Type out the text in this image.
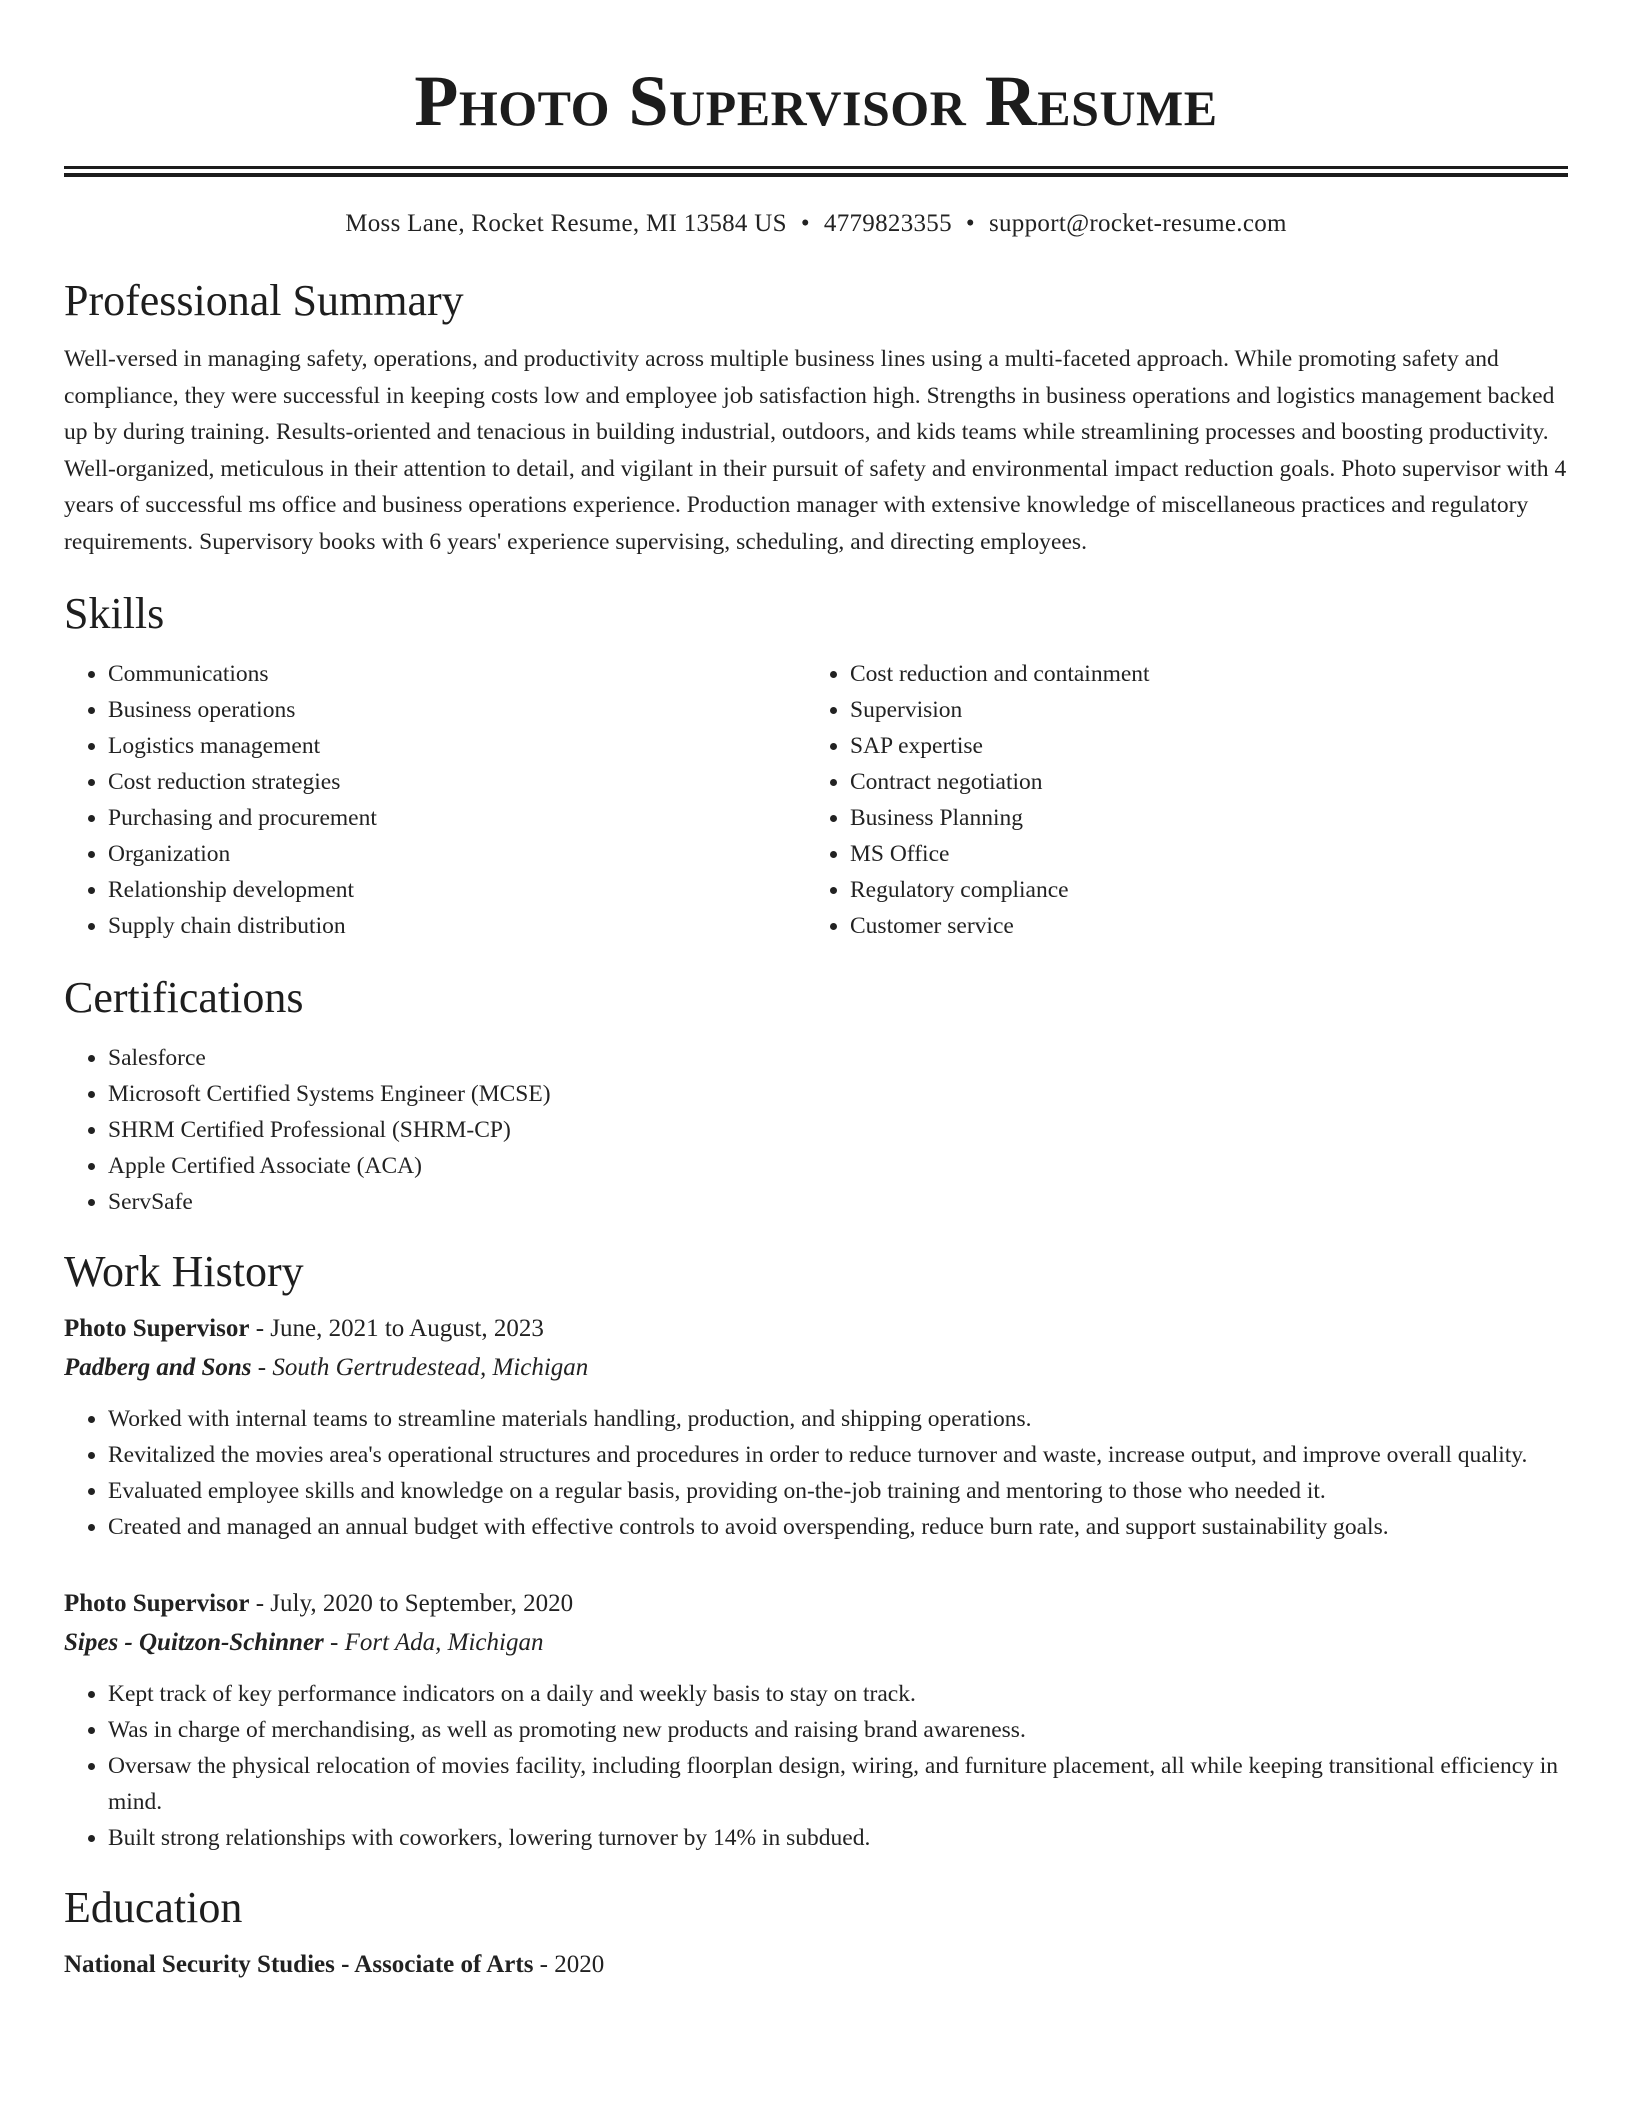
Photo Supervisor Resume
Moss Lane, Rocket Resume, MI 13584 US • 4779823355 • support@rocket-resume.com
Professional Summary

Well-versed in managing safety, operations, and productivity across multiple business lines using a multi-faceted approach. While promoting safety and compliance, they were successful in keeping costs low and employee job satisfaction high. Strengths in business operations and logistics management backed up by during training. Results-oriented and tenacious in building industrial, outdoors, and kids teams while streamlining processes and boosting productivity. Well-organized, meticulous in their attention to detail, and vigilant in their pursuit of safety and environmental impact reduction goals. Photo supervisor with 4 years of successful ms office and business operations experience. Production manager with extensive knowledge of miscellaneous practices and regulatory requirements. Supervisory books with 6 years' experience supervising, scheduling, and directing employees.

Skills
• Communications
• Business operations
• Logistics management
• Cost reduction strategies
• Purchasing and procurement
• Organization
• Relationship development
• Supply chain distribution
• Cost reduction and containment
• Supervision
• SAP expertise
• Contract negotiation
• Business Planning
• MS Office
• Regulatory compliance
• Customer service
Certifications
• Salesforce
• Microsoft Certified Systems Engineer (MCSE)
• SHRM Certified Professional (SHRM-CP)
• Apple Certified Associate (ACA)
• ServSafe
Work History
Photo Supervisor - June, 2021 to August, 2023
Padberg and Sons - South Gertrudestead, Michigan
• Worked with internal teams to streamline materials handling, production, and shipping operations.
• Revitalized the movies area's operational structures and procedures in order to reduce turnover and waste, increase output, and improve overall quality.
• Evaluated employee skills and knowledge on a regular basis, providing on-the-job training and mentoring to those who needed it.
• Created and managed an annual budget with effective controls to avoid overspending, reduce burn rate, and support sustainability goals.
Photo Supervisor - July, 2020 to September, 2020
Sipes - Quitzon-Schinner - Fort Ada, Michigan
• Kept track of key performance indicators on a daily and weekly basis to stay on track.
• Was in charge of merchandising, as well as promoting new products and raising brand awareness.
• Oversaw the physical relocation of movies facility, including floorplan design, wiring, and furniture placement, all while keeping transitional efficiency in mind.
• Built strong relationships with coworkers, lowering turnover by 14% in subdued.
Education
National Security Studies - Associate of Arts - 2020
